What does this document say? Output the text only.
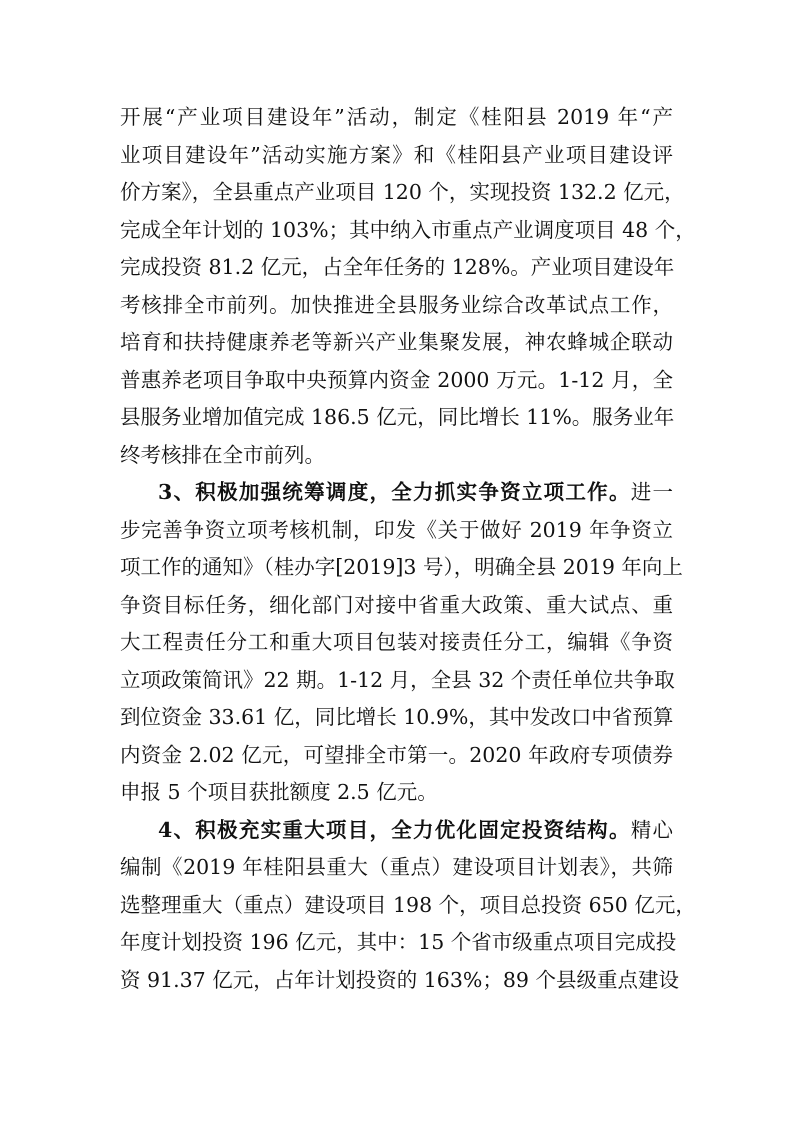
开展“产业项目建设年”活动，制定《桂阳县 2019 年“产
业项目建设年”活动实施方案》和《桂阳县产业项目建设评
价方案》，全县重点产业项目 120 个，实现投资 132.2 亿元，
完成全年计划的 103%；其中纳入市重点产业调度项目 48 个，
完成投资 81.2 亿元，占全年任务的 128%。产业项目建设年
考核排全市前列。加快推进全县服务业综合改革试点工作，
培育和扶持健康养老等新兴产业集聚发展，神农蜂城企联动
普惠养老项目争取中央预算内资金 2000 万元。1-12 月，全
县服务业增加值完成 186.5 亿元，同比增长 11%。服务业年
终考核排在全市前列。
3、积极加强统筹调度，全力抓实争资立项工作。进一
步完善争资立项考核机制，印发《关于做好 2019 年争资立
项工作的通知》（桂办字[2019]3 号），明确全县 2019 年向上
争资目标任务，细化部门对接中省重大政策、重大试点、重
大工程责任分工和重大项目包装对接责任分工，编辑《争资
立项政策简讯》22 期。1-12 月，全县 32 个责任单位共争取
到位资金 33.61 亿，同比增长 10.9%，其中发改口中省预算
内资金 2.02 亿元，可望排全市第一。2020 年政府专项债券
申报 5 个项目获批额度 2.5 亿元。
4、积极充实重大项目，全力优化固定投资结构。精心
编制《2019 年桂阳县重大（重点）建设项目计划表》，共筛
选整理重大（重点）建设项目 198 个，项目总投资 650 亿元，
年度计划投资 196 亿元，其中：15 个省市级重点项目完成投
资 91.37 亿元，占年计划投资的 163%；89 个县级重点建设
